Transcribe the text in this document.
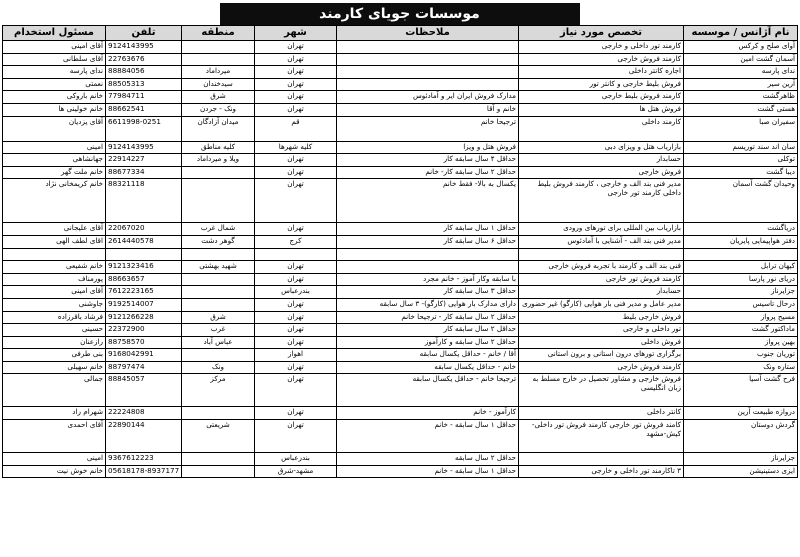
موسسات جویای کارمند
نام آژانس / موسسه	تخصص مورد نیاز	ملاحظات	شهر	منطقه	تلفن	مسئول استخدام
آوای صلح و کرکس	کارمند تور داخلی و خارجی		تهران		9124143995	آقای امینی
آسمان گشت امین	کارمند فروش خارجی		تهران		22763676	آقای سلطانی
ندای پارسه	اجاره کانتر داخلی		تهران	میرداماد	88884056	ندای پارسه
آرین سیر	فروش بلیط خارجی و کانتر تور		تهران	سیدخندان	88505313	نعمتی
ظاهرگشت	کارمند فروش بلیط خارجی	مدارک فروش ایران ایر و آمادئوس	تهران	شرق	77984711	خانم باروکی
هستی گشت	فروش هتل ها	خانم و آقا	تهران	ونک - جردن	88662541	خانم خولینی ها
سفیران صبا	کارمند داخلی	ترجیحا خانم	قم	میدان آزادگان	6611998-0251	آقای یزدیان
سان اند سند توریسم	بازاریاب هتل و ویزای دبی	فروش هتل و ویزا	کلیه شهرها	کلیه مناطق	9124143995	امینی
توکلی	حسابدار	حداقل ۴ سال سابقه کار	تهران	ویلا و میرداماد	22914227	جهانشاهی
دیبا گشت	فروش خارجی	حداقل ۲ سال سابقه کار- خانم	تهران		88677334	خانم ملت گهر
وحیدان گشت آسمان	مدیر فنی بند الف و خارجی ، کارمند فروش بلیط داخلی کارمند تور خارجی	یکسال به بالا- فقط خانم	تهران		88321118	خانم کریمخانی نژاد
دریاگشت	بازاریاب بین المللی برای تورهای ورودی	حداقل ۱ سال سابقه کار	تهران	شمال غرب	22067020	آقای علیجانی
دفتر هواپیمایی پایریان	مدیر فنی بند الف - آشنایی با آمادئوس	حداقل ۶ سال سابقه کار	کرج	گوهر دشت	2614440578	اقای لطف الهی

کیهان ترابل	فنی بند الف و کارمند با تجربه فروش خارجی		تهران	شهید بهشتی	9121323416	خانم شفیعی
دریای نور پارسا	کارمند فروش تور خارجی	با سابقه وکار آموز - خانم مجرد	تهران		88663657	پورمناف
جزایرناز	حسابدار	حداقل ۳ سال سابقه کار	بندرعباس		7612223165	آقای امینی
درحال تاسیس	مدیر عامل و مدیر فنی بار هوایی (کارگو) غیر حضوری	دارای مدارک بار هوایی (کارگو)- ۳ سال سابقه	تهران		9192514007	جاوشنی
مسیح پرواز	فروش خارجی بلیط	حداقل ۲ سال سابقه کار - ترجیحا خانم	تهران	شرق	9121266228	فرشاد باقرزاده
ماداکتور گشت	تور داخلی و خارجی	حداقل ۲ سال سابقه کار	تهران	غرب	22372900	حسینی
بهین پرواز	فروش داخلی	حداقل ۲ سال سابقه و کارآموز	تهران	عباس آباد	88758570	رازعنان
توریان جنوب	برگزاری تورهای درون استانی و برون استانی	آقا / خانم - حداقل یکسال سابقه	اهواز		9168042991	بنی طرفی
ستاره ونک	کارمند فروش خارجی	خانم - حداقل یکسال سابقه	تهران	ونک	88797474	خانم سهیلی
فرح گشت آسیا	فروش خارجی و مشاور تحصیل در خارج مسلط به زبان انگلیسی	ترجیحا خانم - حداقل یکسال سابقه	تهران	مرکز	88845057	جمالی
دروازه طبیعت آرین	کانتر داخلی	کارآموز - خانم	تهران		22224808	شهرام راد
گردش دوستان	کامند فروش تور خارجی کارمند فروش تور داخلی-کیش-مشهد	حداقل ۱ سال سابقه - خانم	تهران	شریعتی	22890144	آقای احمدی
جزایرناز		حداقل ۲ سال سابقه	بندرعباس		9367612223	امینی
ایزی دستینیشن	۳ تاکارمند تور داخلی و خارجی	حداقل ۱ سال سابقه - خانم	مشهد-شرق		05618178-8937177	خانم خوش نیت
